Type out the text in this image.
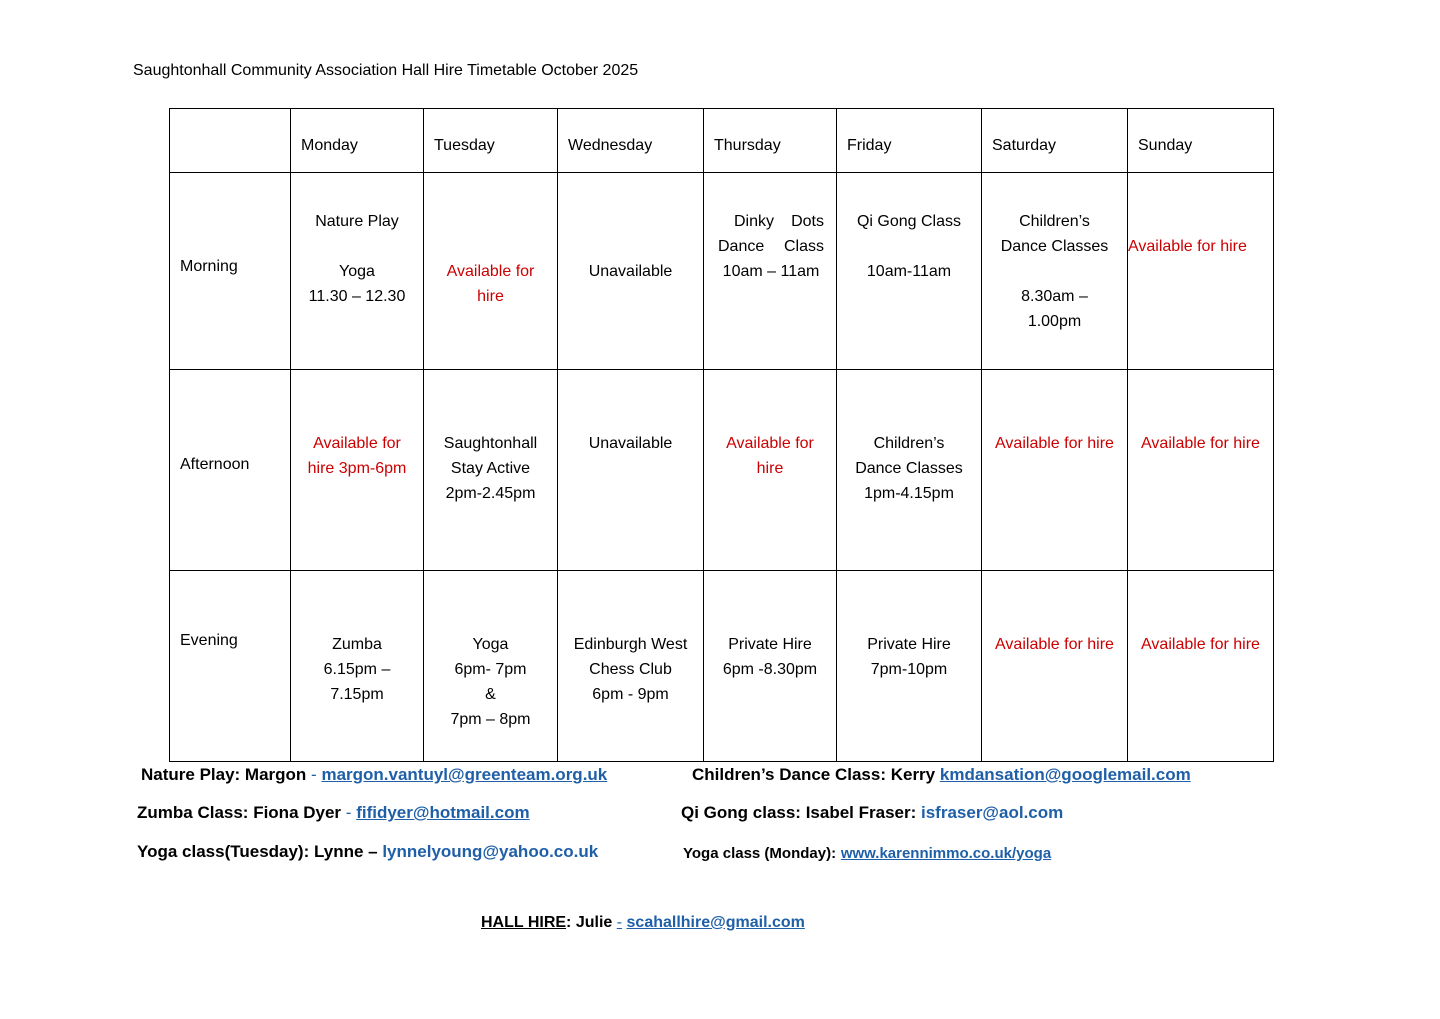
Saughtonhall Community Association Hall Hire Timetable October 2025
	Monday	Tuesday	Wednesday	Thursday	Friday	Saturday	Sunday

Morning	Nature Play
Yoga
11.30 – 12.30	Available for
hire	Unavailable	Dinky Dots
Dance Class
10am – 11am	Qi Gong Class
10am-11am	Children’s
Dance Classes
8.30am –
1.00pm	Available for hire

Afternoon	Available for
hire 3pm-6pm	Saughtonhall
Stay Active
2pm-2.45pm	Unavailable	Available for
hire	Children’s
Dance Classes
1pm-4.15pm	Available for hire	Available for hire

Evening	Zumba
6.15pm –
7.15pm	Yoga
6pm- 7pm
&
7pm – 8pm	Edinburgh West
Chess Club
6pm - 9pm	Private Hire
6pm -8.30pm	Private Hire
7pm-10pm	Available for hire	Available for hire
Nature Play: Margon - margon.vantuyl@greenteam.org.uk	Children’s Dance Class: Kerry kmdansation@googlemail.com
Zumba Class: Fiona Dyer - fifidyer@hotmail.com	Qi Gong class: Isabel Fraser: isfraser@aol.com
Yoga class(Tuesday): Lynne – lynnelyoung@yahoo.co.uk	Yoga class (Monday): www.karennimmo.co.uk/yoga
HALL HIRE: Julie - scahallhire@gmail.com
